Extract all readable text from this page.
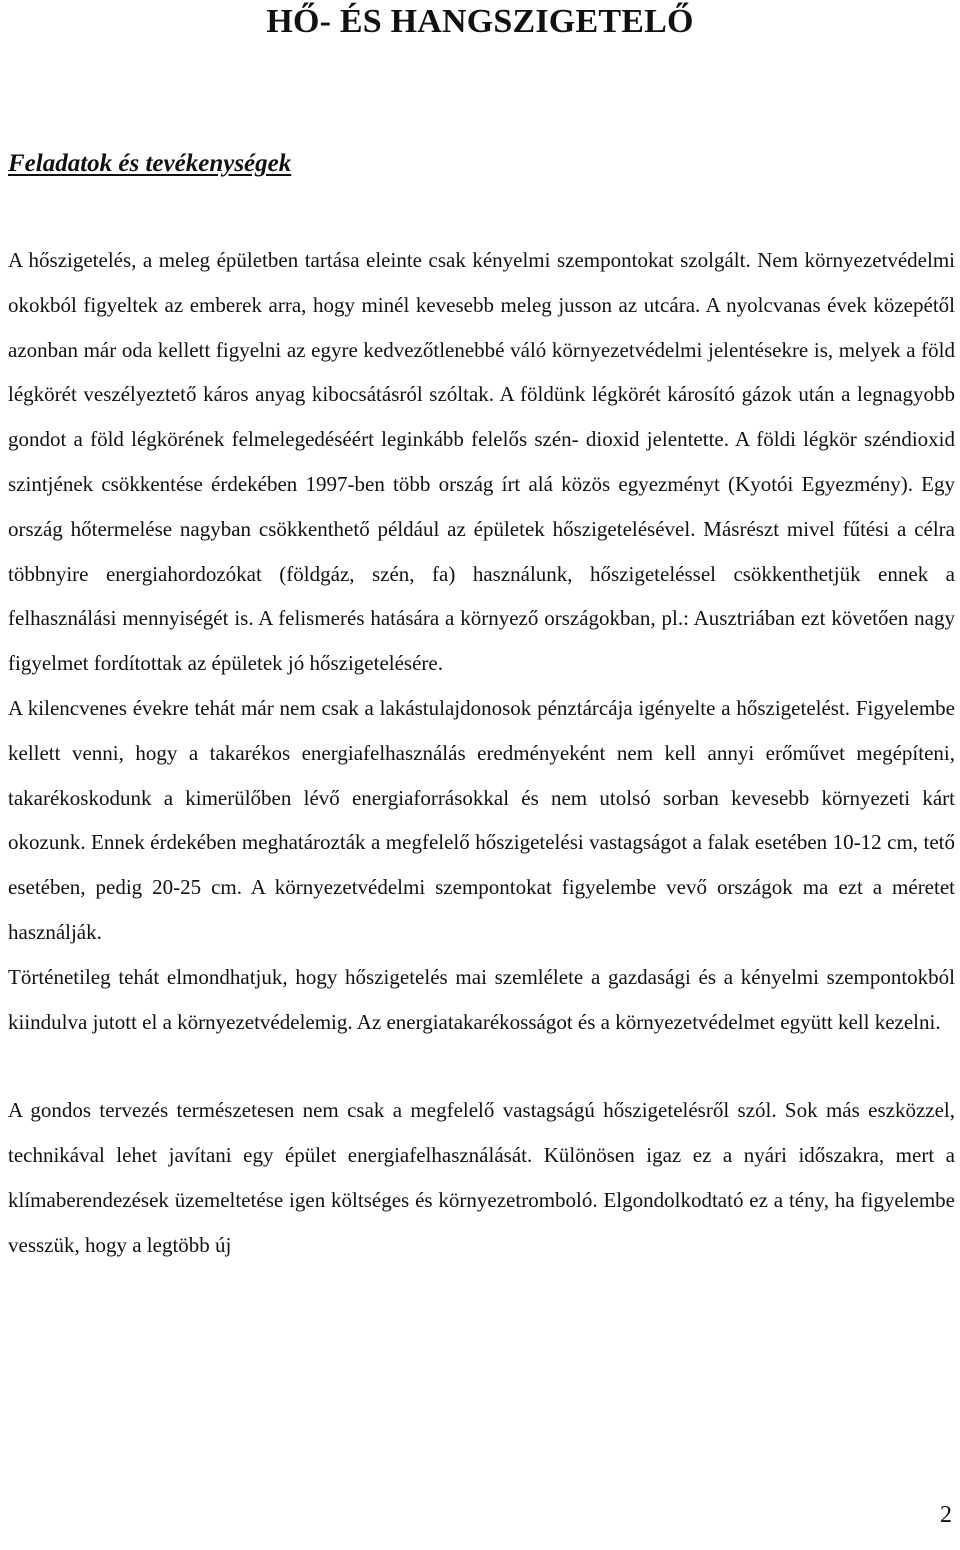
HŐ- ÉS HANGSZIGETELŐ
Feladatok és tevékenységek

A hőszigetelés, a meleg épületben tartása eleinte csak kényelmi szempontokat szolgált. Nem környezetvédelmi okokból figyeltek az emberek arra, hogy minél kevesebb meleg jusson az utcára. A nyolcvanas évek közepétől azonban már oda kellett figyelni az egyre kedvezőtlenebbé váló környezetvédelmi jelentésekre is, melyek a föld légkörét veszélyeztető káros anyag kibocsátásról szóltak. A földünk légkörét károsító gázok után a legnagyobb gondot a föld légkörének felmelegedéséért leginkább felelős szén- dioxid jelentette. A földi légkör széndioxid szintjének csökkentése érdekében 1997-ben több ország írt alá közös egyezményt (Kyotói Egyezmény). Egy ország hőtermelése nagyban csökkenthető például az épületek hőszigetelésével. Másrészt mivel fűtési a célra többnyire energiahordozókat (földgáz, szén, fa) használunk, hőszigeteléssel csökkenthetjük ennek a felhasználási mennyiségét is. A felismerés hatására a környező országokban, pl.: Ausztriában ezt követően nagy figyelmet fordítottak az épületek jó hőszigetelésére.

A kilencvenes évekre tehát már nem csak a lakástulajdonosok pénztárcája igényelte a hőszigetelést. Figyelembe kellett venni, hogy a takarékos energiafelhasználás eredményeként nem kell annyi erőművet megépíteni, takarékoskodunk a kimerülőben lévő energiaforrásokkal és nem utolsó sorban kevesebb környezeti kárt okozunk. Ennek érdekében meghatározták a megfelelő hőszigetelési vastagságot a falak esetében 10-12 cm, tető esetében, pedig 20-25 cm. A környezetvédelmi szempontokat figyelembe vevő országok ma ezt a méretet használják.

Történetileg tehát elmondhatjuk, hogy hőszigetelés mai szemlélete a gazdasági és a kényelmi szempontokból kiindulva jutott el a környezetvédelemig. Az energiatakarékosságot és a környezetvédelmet együtt kell kezelni.

A gondos tervezés természetesen nem csak a megfelelő vastagságú hőszigetelésről szól. Sok más eszközzel, technikával lehet javítani egy épület energiafelhasználását. Különösen igaz ez a nyári időszakra, mert a klímaberendezések üzemeltetése igen költséges és környezetromboló. Elgondolkodtató ez a tény, ha figyelembe vesszük, hogy a legtöbb új

2
